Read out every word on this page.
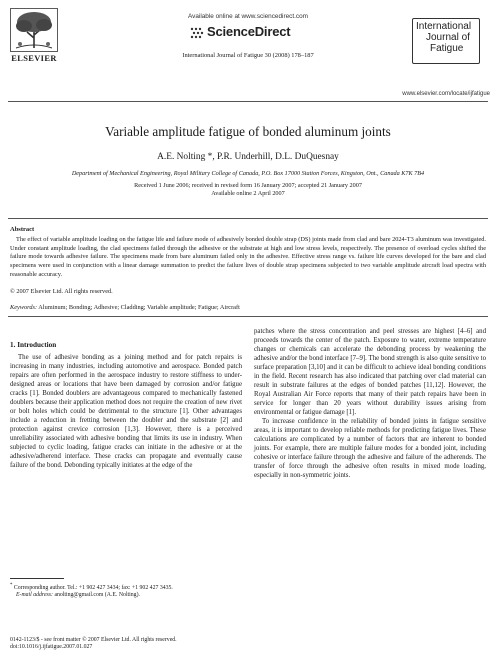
ELSEVIER
Available online at www.sciencedirect.com
ScienceDirect
International Journal of Fatigue 30 (2008) 178–187
International
Journal of
Fatigue
www.elsevier.com/locate/ijfatigue
Variable amplitude fatigue of bonded aluminum joints
A.E. Nolting *, P.R. Underhill, D.L. DuQuesnay
Department of Mechanical Engineering, Royal Military College of Canada, P.O. Box 17000 Station Forces, Kingston, Ont., Canada K7K 7B4
Received 1 June 2006; received in revised form 16 January 2007; accepted 21 January 2007
Available online 2 April 2007
Abstract
The effect of variable amplitude loading on the fatigue life and failure mode of adhesively bonded double strap (DS) joints made from clad and bare 2024-T3 aluminum was investigated. Under constant amplitude loading, the clad specimens failed through the adhesive or the substrate at high and low stress levels, respectively. The presence of overload cycles shifted the failure mode towards adhesive failure. The specimens made from bare aluminum failed only in the adhesive. Effective stress range vs. failure life curves developed for the bare and clad specimens were used in conjunction with a linear damage summation to predict the failure lives of double strap specimens subjected to two variable amplitude aircraft load spectra with reasonable accuracy.
© 2007 Elsevier Ltd. All rights reserved.
Keywords: Aluminum; Bonding; Adhesive; Cladding; Variable amplitude; Fatigue; Aircraft
1. Introduction

The use of adhesive bonding as a joining method and for patch repairs is increasing in many industries, including automotive and aerospace. Bonded patch repairs are often performed in the aerospace industry to restore stiffness to under-designed areas or locations that have been damaged by corrosion and/or fatigue cracks [1]. Bonded doublers are advantageous compared to mechanically fastened doublers because their application method does not require the creation of new rivet or bolt holes which could be detrimental to the structure [1]. Other advantages include a reduction in fretting between the doubler and the substrate [2] and protection against crevice corrosion [1,3]. However, there is a perceived unreliability associated with adhesive bonding that limits its use in industry. When subjected to cyclic loading, fatigue cracks can initiate in the adhesive or at the adhesive/adherend interface. These cracks can propagate and eventually cause failure of the bond. Debonding typically initiates at the edge of the

patches where the stress concentration and peel stresses are highest [4–6] and proceeds towards the center of the patch. Exposure to water, extreme temperature changes or chemicals can accelerate the debonding process by weakening the adhesive and/or the bond interface [7–9]. The bond strength is also quite sensitive to surface preparation [3,10] and it can be difficult to achieve ideal bonding conditions in the field. Recent research has also indicated that patching over clad material can result in substrate failures at the edges of bonded patches [11,12]. However, the Royal Australian Air Force reports that many of their patch repairs have been in service for longer than 20 years without durability issues arising from environmental or fatigue damage [1].

To increase confidence in the reliability of bonded joints in fatigue sensitive areas, it is important to develop reliable methods for predicting fatigue lives. These calculations are complicated by a number of factors that are inherent to bonded joints. For example, there are multiple failure modes for a bonded joint, including cohesive or interface failure through the adhesive and failure of the adherends. The transfer of force through the adhesive often results in mixed mode loading, especially in non-symmetric joints.

* Corresponding author. Tel.: +1 902 427 3434; fax: +1 902 427 3435.
E-mail address: anolting@gmail.com (A.E. Nolting).
0142-1123/$ - see front matter © 2007 Elsevier Ltd. All rights reserved.
doi:10.1016/j.ijfatigue.2007.01.027
